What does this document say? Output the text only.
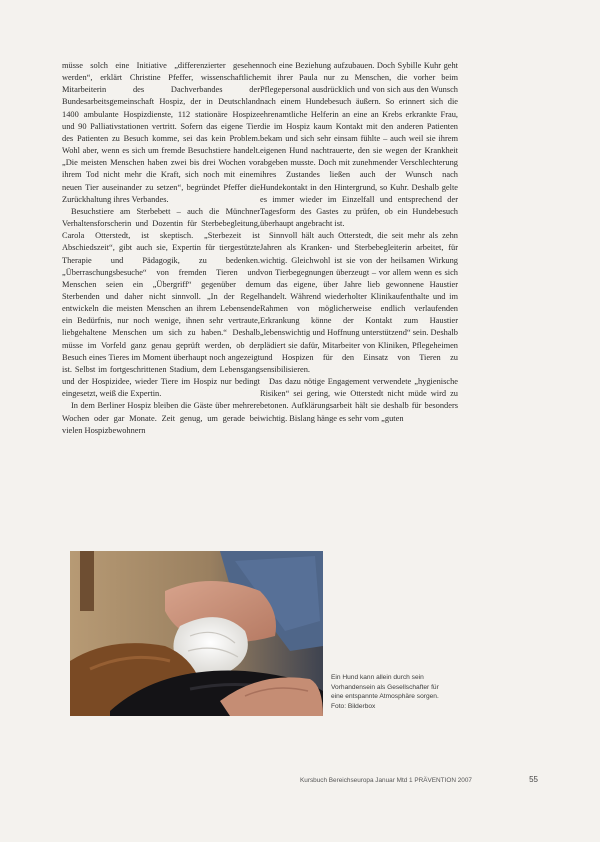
müsse solch eine Initiative „differenzierter gesehen werden“, erklärt Christine Pfeffer, wissenschaftliche Mitarbeiterin des Dachverbandes der Bundesarbeitsgemeinschaft Hospiz, der in Deutschland 1400 ambulante Hospizdienste, 112 stationäre Hospize und 90 Palliativstationen vertritt. Sofern das eigene Tier des Patienten zu Besuch komme, sei das kein Problem. Wohl aber, wenn es sich um fremde Besuchstiere handelt. „Die meisten Menschen haben zwei bis drei Wochen vor ihrem Tod nicht mehr die Kraft, sich noch mit einem neuen Tier auseinander zu setzen“, begründet Pfeffer die Zurückhaltung ihres Verbandes.

Besuchstiere am Sterbebett – auch die Münchner Verhaltensforscherin und Dozentin für Sterbebegleitung, Carola Otterstedt, ist skeptisch. „Sterbezeit ist Abschiedszeit“, gibt auch sie, Expertin für tiergestützte Therapie und Pädagogik, zu bedenken. „Überraschungsbesuche“ von fremden Tieren und Menschen seien ein „Übergriff“ gegenüber dem Sterbenden und daher nicht sinnvoll. „In der Regel entwickeln die meisten Menschen an ihrem Lebensende ein Bedürfnis, nur noch wenige, ihnen sehr vertraute, liebgehaltene Menschen um sich zu haben.“ Deshalb müsse im Vorfeld ganz genau geprüft werden, ob der Besuch eines Tieres im Moment überhaupt noch angezeigt ist. Selbst im fortgeschrittenen Stadium, dem Lebensgang und der Hospizidee, wieder Tiere im Hospiz nur bedingt eingesetzt, weiß die Expertin.

In dem Berliner Hospiz bleiben die Gäste über mehrere Wochen oder gar Monate. Zeit genug, um gerade bei vielen Hospizbewohnern

noch eine Beziehung aufzubauen. Doch Sybille Kuhr geht mit ihrer Paula nur zu Menschen, die vorher beim Pflegepersonal ausdrücklich und von sich aus den Wunsch nach einem Hundebesuch äußern. So erinnert sich die ehrenamtliche Helferin an eine an Krebs erkrankte Frau, die im Hospiz kaum Kontakt mit den anderen Patienten bekam und sich sehr einsam fühlte – auch weil sie ihrem eigenen Hund nachtrauerte, den sie wegen der Krankheit abgeben musste. Doch mit zunehmender Verschlechterung ihres Zustandes ließen auch der Wunsch nach Hundekontakt in den Hintergrund, so Kuhr. Deshalb gelte es immer wieder im Einzelfall und entsprechend der Tagesform des Gastes zu prüfen, ob ein Hundebesuch überhaupt angebracht ist.

Sinnvoll hält auch Otterstedt, die seit mehr als zehn Jahren als Kranken- und Sterbebegleiterin arbeitet, für wichtig. Gleichwohl ist sie von der heilsamen Wirkung von Tierbegegnungen überzeugt – vor allem wenn es sich um das eigene, über Jahre lieb gewonnene Haustier handelt. Während wiederholter Klinikaufenthalte und im Rahmen von möglicherweise endlich verlaufenden Erkrankung könne der Kontakt zum Haustier „lebenswichtig und Hoffnung unterstützend“ sein. Deshalb plädiert sie dafür, Mitarbeiter von Kliniken, Pflegeheimen und Hospizen für den Einsatz von Tieren zu sensibilisieren.

Das dazu nötige Engagement verwendete „hygienische Risiken“ sei gering, wie Otterstedt nicht müde wird zu betonen. Aufklärungsarbeit hält sie deshalb für besonders wichtig. Bislang hänge es sehr vom „guten

Ein Hund kann allein durch sein Vorhandensein als Gesellschafter für eine entspannte Atmosphäre sorgen. Foto: Bilderbox
Kursbuch Bereichseuropa Januar Mtd 1 PRÄVENTION 2007	55
